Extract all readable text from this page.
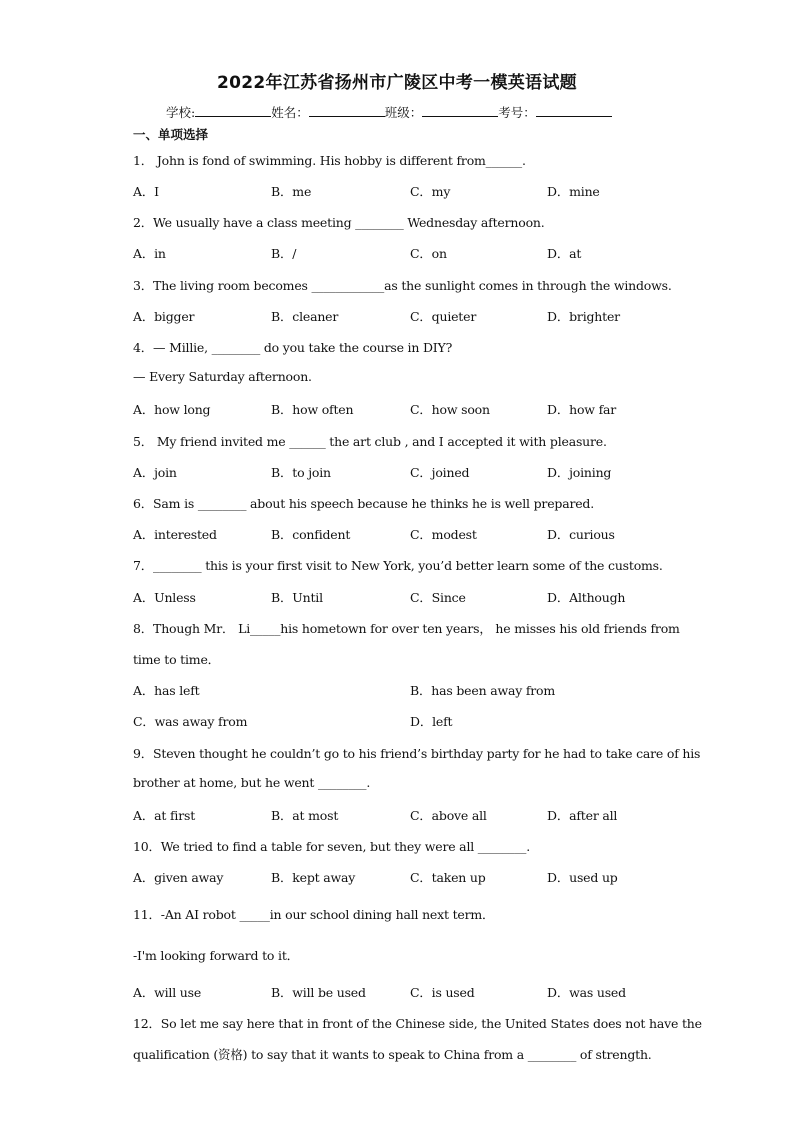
2022年江苏省扬州市广陵区中考一模英语试题
学校:	姓名：	班级：	考号：
一、单项选择
1． John is fond of swimming. His hobby is different from______.
A．I	B．me	C．my	D．mine
2．We usually have a class meeting ________ Wednesday afternoon.
A．in	B．/	C．on	D．at
3．The living room becomes ____________as the sunlight comes in through the windows.
A．bigger	B．cleaner	C．quieter	D．brighter
4．— Millie, ________ do you take the course in DIY?
— Every Saturday afternoon.
A．how long	B．how often	C．how soon	D．how far
5． My friend invited me ______ the art club , and I accepted it with pleasure.
A．join	B．to join	C．joined	D．joining
6．Sam is ________ about his speech because he thinks he is well prepared.
A．interested	B．confident	C．modest	D．curious
7．________ this is your first visit to New York, you’d better learn some of the customs.
A．Unless	B．Until	C．Since	D．Although
8．Though Mr． Li_____his hometown for over ten years， he misses his old friends from
time to time．
A．has left	B．has been away from
C．was away from	D．left
9．Steven thought he couldn’t go to his friend’s birthday party for he had to take care of his
brother at home, but he went ________.
A．at first	B．at most	C．above all	D．after all
10．We tried to find a table for seven, but they were all ________.
A．given away	B．kept away	C．taken up	D．used up
11．-An AI robot _____in our school dining hall next term．
-I'm looking forward to it．
A．will use	B．will be used	C．is used	D．was used
12．So let me say here that in front of the Chinese side, the United States does not have the
qualification (资格) to say that it wants to speak to China from a ________ of strength.
